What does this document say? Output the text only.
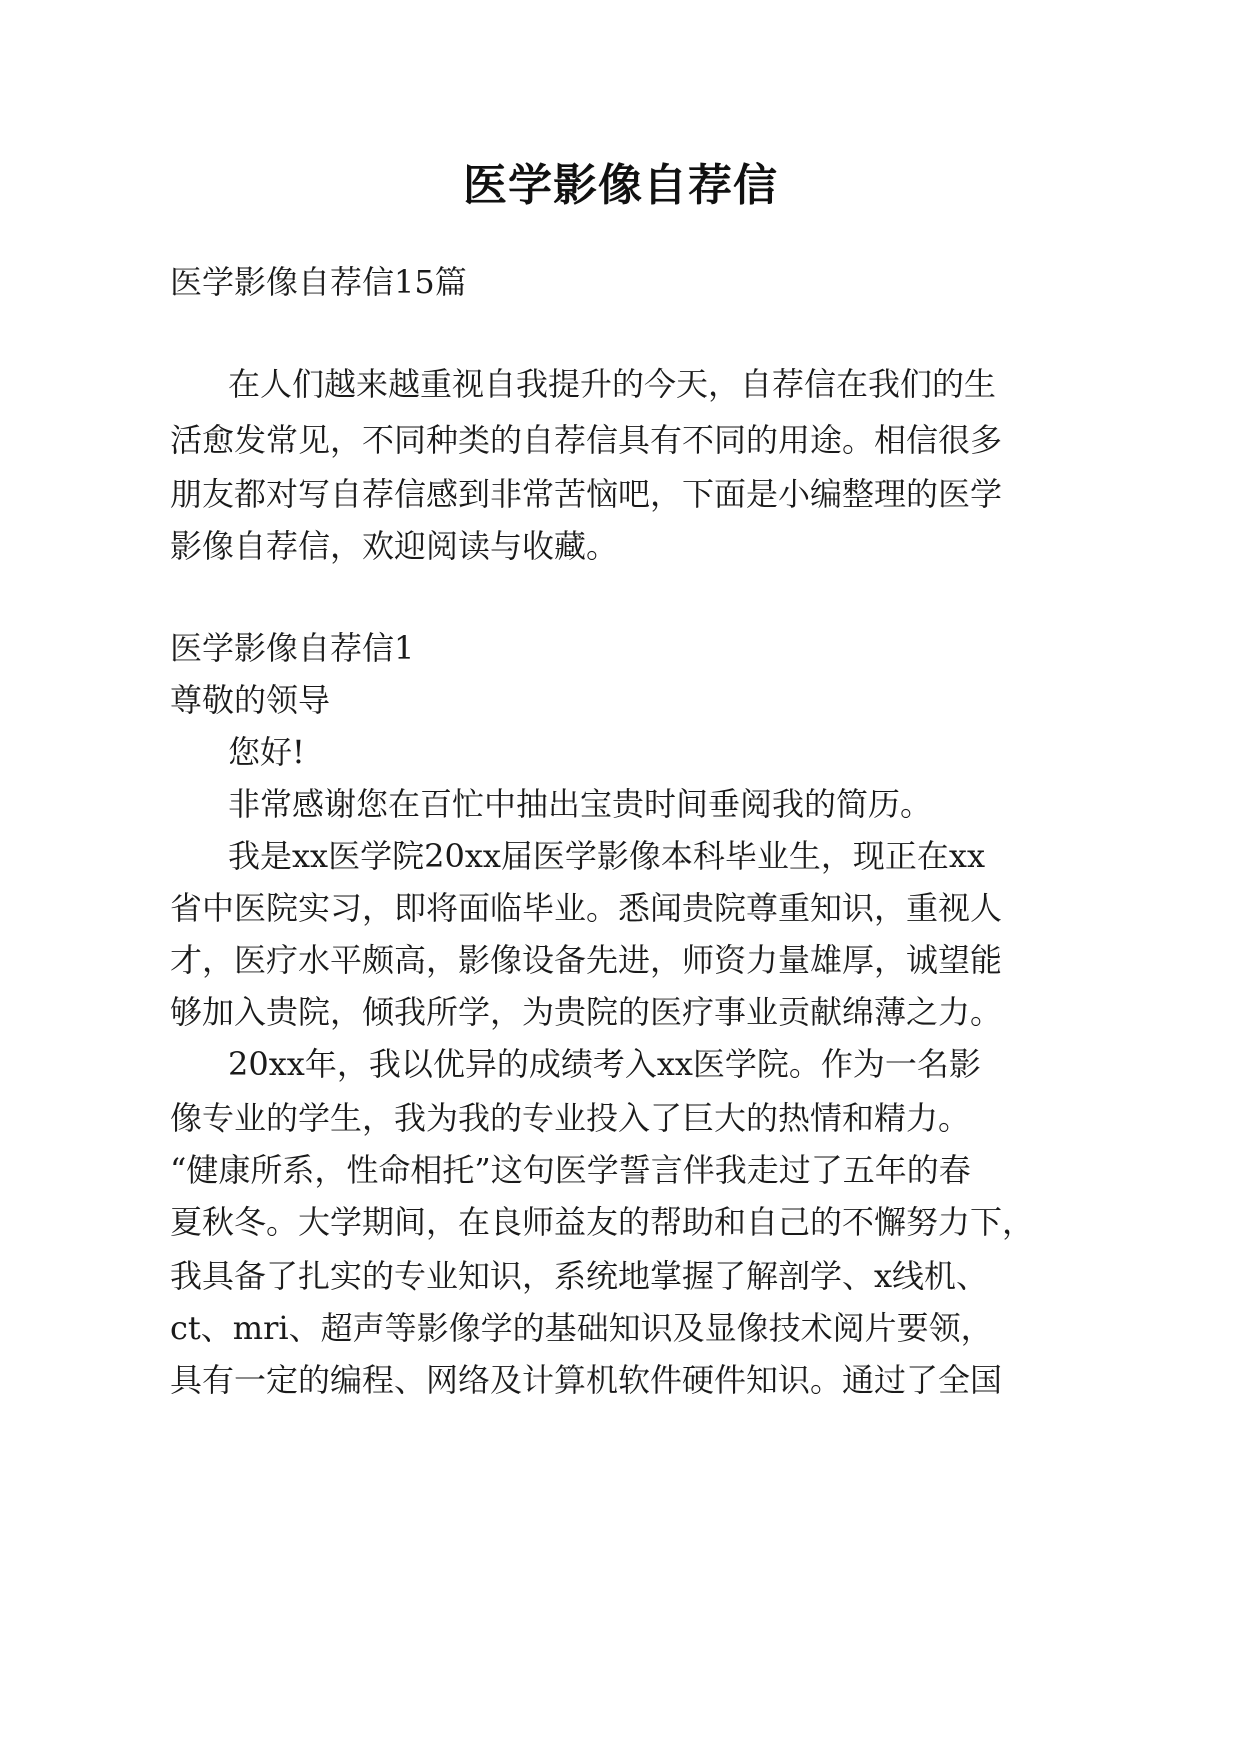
医学影像自荐信
医学影像自荐信15篇
在人们越来越重视自我提升的今天，自荐信在我们的生
活愈发常见，不同种类的自荐信具有不同的用途。相信很多
朋友都对写自荐信感到非常苦恼吧，下面是小编整理的医学
影像自荐信，欢迎阅读与收藏。
医学影像自荐信1
尊敬的领导
您好!
非常感谢您在百忙中抽出宝贵时间垂阅我的简历。
我是xx医学院20xx届医学影像本科毕业生，现正在xx
省中医院实习，即将面临毕业。悉闻贵院尊重知识，重视人
才，医疗水平颇高，影像设备先进，师资力量雄厚，诚望能
够加入贵院，倾我所学，为贵院的医疗事业贡献绵薄之力。
20xx年，我以优异的成绩考入xx医学院。作为一名影
像专业的学生，我为我的专业投入了巨大的热情和精力。
“健康所系，性命相托”这句医学誓言伴我走过了五年的春
夏秋冬。大学期间，在良师益友的帮助和自己的不懈努力下，
我具备了扎实的专业知识，系统地掌握了解剖学、x线机、
ct、mri、超声等影像学的基础知识及显像技术阅片要领，
具有一定的编程、网络及计算机软件硬件知识。通过了全国
